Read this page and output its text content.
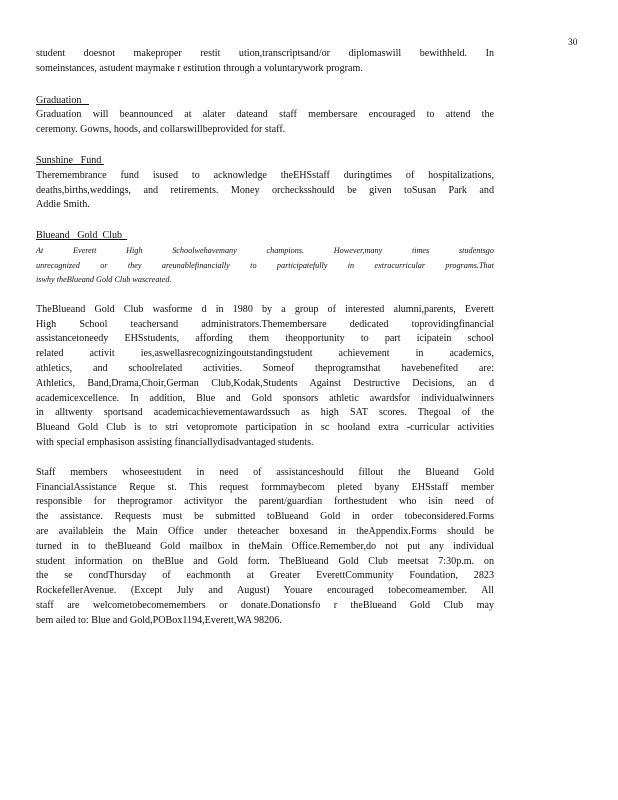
30
student doesnot makeproper restit ution,transcriptsand/or diplomaswill bewithheld. In
someinstances, astudent maymake r estitution through a voluntarywork program.
Graduation
Graduation will beannounced at alater dateand staff membersare encouraged to attend the
ceremony. Gowns, hoods, and collarswillbeprovided for staff.
Sunshine   Fund
Theremembrance fund isused to acknowledge theEHSstaff duringtimes of hospitalizations,
deaths,births,weddings, and retirements. Money orchecksshould be given toSusan Park and
Addie Smith.
Blueand   Gold  Club
At Everett High Schoolwehavemany champions. However,many times studentsgo
unrecognized or they areunablefinancially to participatefully in extracurricular programs.That
iswhy theBlueand Gold Club wascreated.
TheBlueand Gold Club wasforme d in 1980 by a group of interested alumni,parents, Everett
High School teachersand administrators.Themembersare dedicated toprovidingfinancial
assistancetoneedy EHSstudents, affording them theopportunity to part icipatein school
related activit ies,aswellasrecognizingoutstandingstudent achievement in academics,
athletics, and schoolrelated activities. Someof theprogramsthat havebenefited are:
Athletics, Band,Drama,Choir,German Club,Kodak,Students Against Destructive Decisions, an d
academicexcellence. In addition, Blue and Gold sponsors athletic awardsfor individualwinners
in alltwenty sportsand academicachievementawardssuch as high SAT scores. Thegoal of the
Blueand Gold Club is to stri vetopromote participation in sc hooland extra -curricular activities
with special emphasison assisting financiallydisadvantaged students.
Staff members whoseestudent in need of assistanceshould fillout the Blueand Gold
FinancialAssistance Reque st. This request formmaybecom pleted byany EHSstaff member
responsible for theprogramor activityor the parent/guardian forthestudent who isin need of
the assistance. Requests must be submitted toBlueand Gold in order tobeconsidered.Forms
are availablein the Main Office under theteacher boxesand in theAppendix.Forms should be
turned in to theBlueand Gold mailbox in theMain Office.Remember,do not put any individual
student information on theBlue and Gold form. TheBlueand Gold Club meetsat 7:30p.m. on
the se condThursday of eachmonth at Greater EverettCommunity Foundation, 2823
RockefellerAvenue. (Except July and August) Youare encouraged tobecomeamember. All
staff are welcometobecomemembers or donate.Donationsfo r theBlueand Gold Club may
bem ailed to: Blue and Gold,POBox1194,Everett,WA 98206.
